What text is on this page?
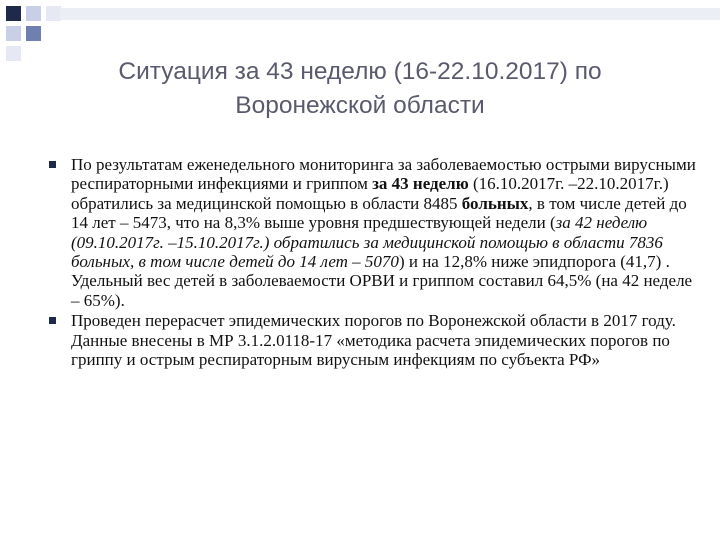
Ситуация за 43 неделю (16-22.10.2017) по
Воронежской области
По результатам еженедельного мониторинга за заболеваемостью острыми вирусными респираторными инфекциями и гриппом за 43 неделю (16.10.2017г. –22.10.2017г.) обратились за медицинской помощью в области 8485 больных, в том числе детей до 14 лет – 5473, что на 8,3% выше уровня предшествующей недели (за 42 неделю (09.10.2017г. –15.10.2017г.) обратились за медицинской помощью в области 7836 больных, в том числе детей до 14 лет – 5070) и на 12,8% ниже эпидпорога (41,7) . Удельный вес детей в заболеваемости ОРВИ и гриппом составил 64,5% (на 42 неделе – 65%).
Проведен перерасчет эпидемических порогов по Воронежской области в 2017 году. Данные внесены в МР 3.1.2.0118-17 «методика расчета эпидемических порогов по гриппу и острым респираторным вирусным инфекциям по субъекта РФ»
